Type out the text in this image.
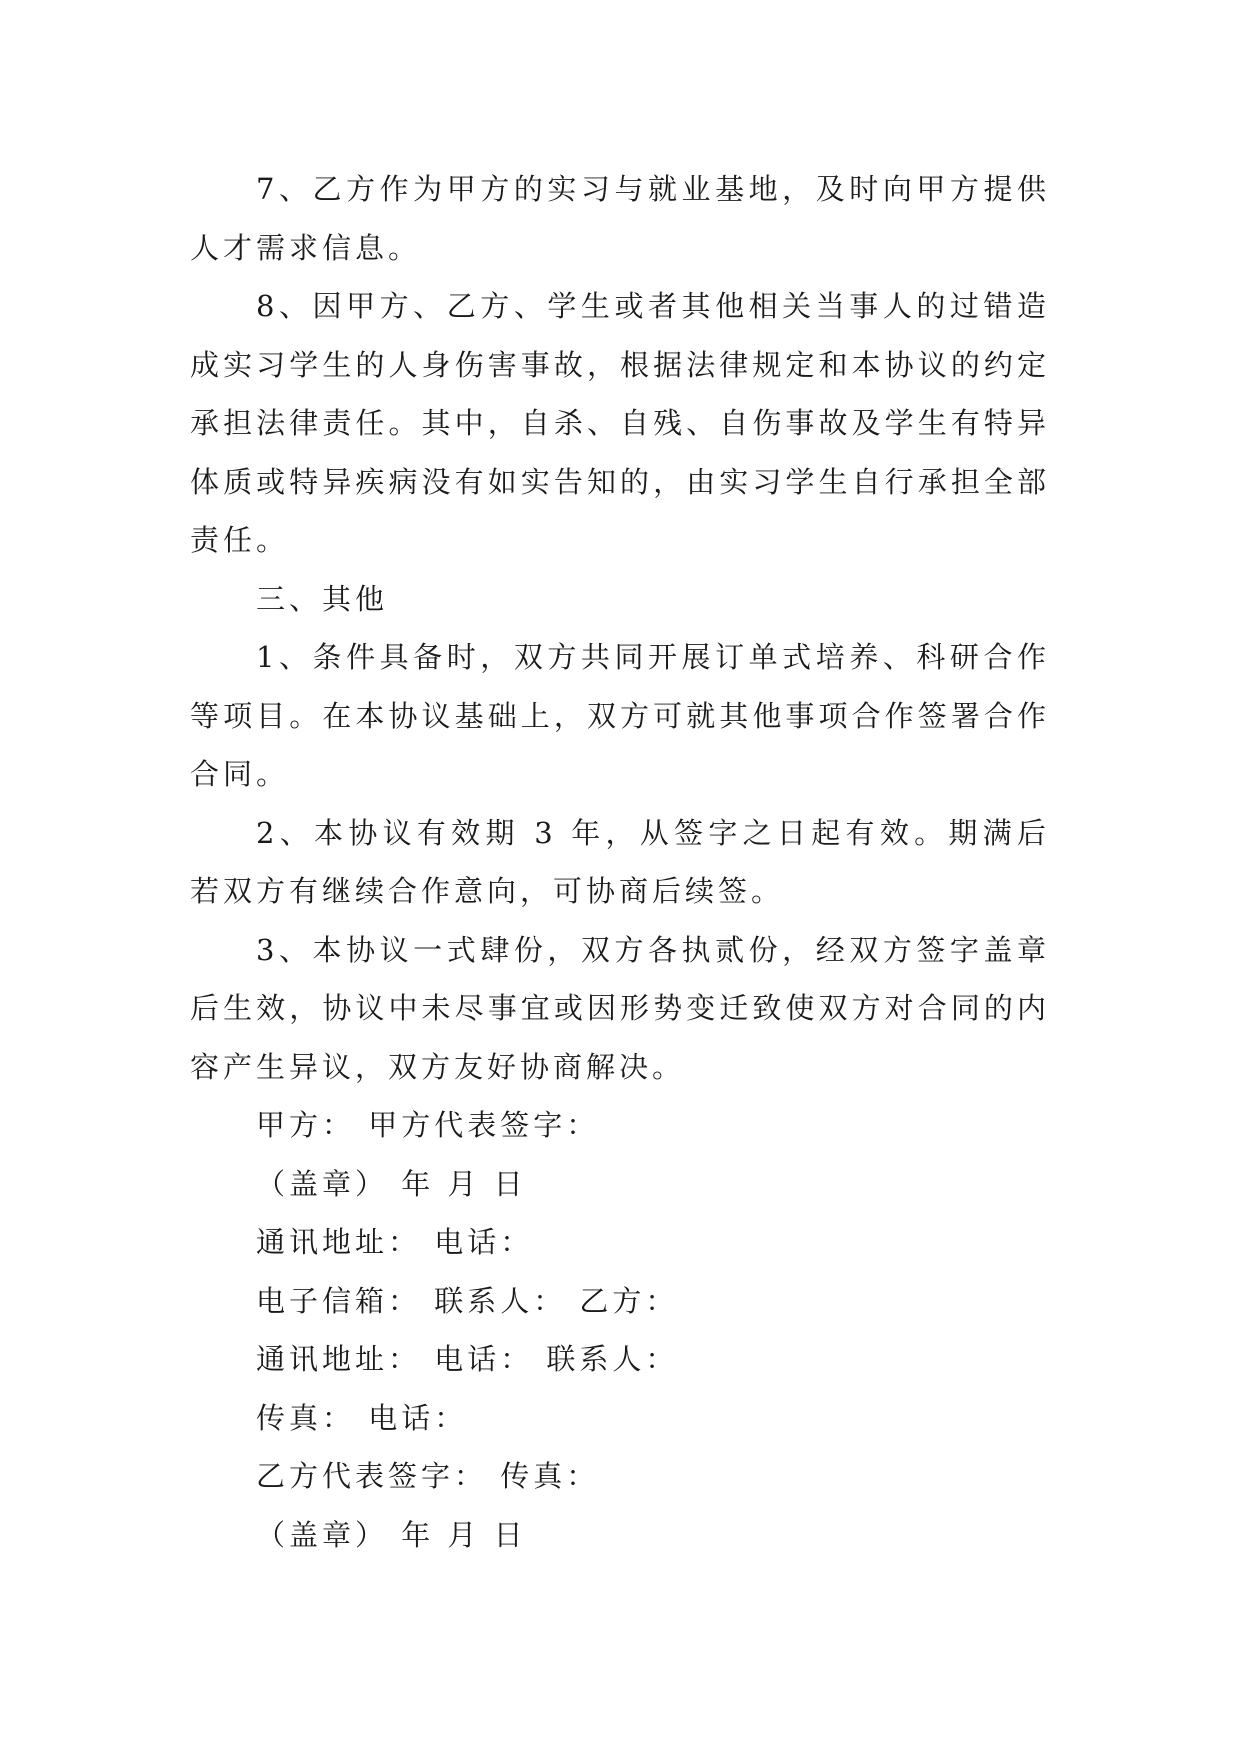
7、乙方作为甲方的实习与就业基地，及时向甲方提供人才需求信息。

8、因甲方、乙方、学生或者其他相关当事人的过错造成实习学生的人身伤害事故，根据法律规定和本协议的约定承担法律责任。其中，自杀、自残、自伤事故及学生有特异体质或特异疾病没有如实告知的，由实习学生自行承担全部责任。

三、其他

1、条件具备时，双方共同开展订单式培养、科研合作等项目。在本协议基础上，双方可就其他事项合作签署合作合同。

2、本协议有效期 3 年，从签字之日起有效。期满后若双方有继续合作意向，可协商后续签。

3、本协议一式肆份，双方各执贰份，经双方签字盖章后生效，协议中未尽事宜或因形势变迁致使双方对合同的内容产生异议，双方友好协商解决。

甲方： 甲方代表签字：

（盖章） 年 月 日

通讯地址： 电话：

电子信箱： 联系人： 乙方：

通讯地址： 电话： 联系人：

传真： 电话：

乙方代表签字： 传真：

（盖章） 年 月 日
